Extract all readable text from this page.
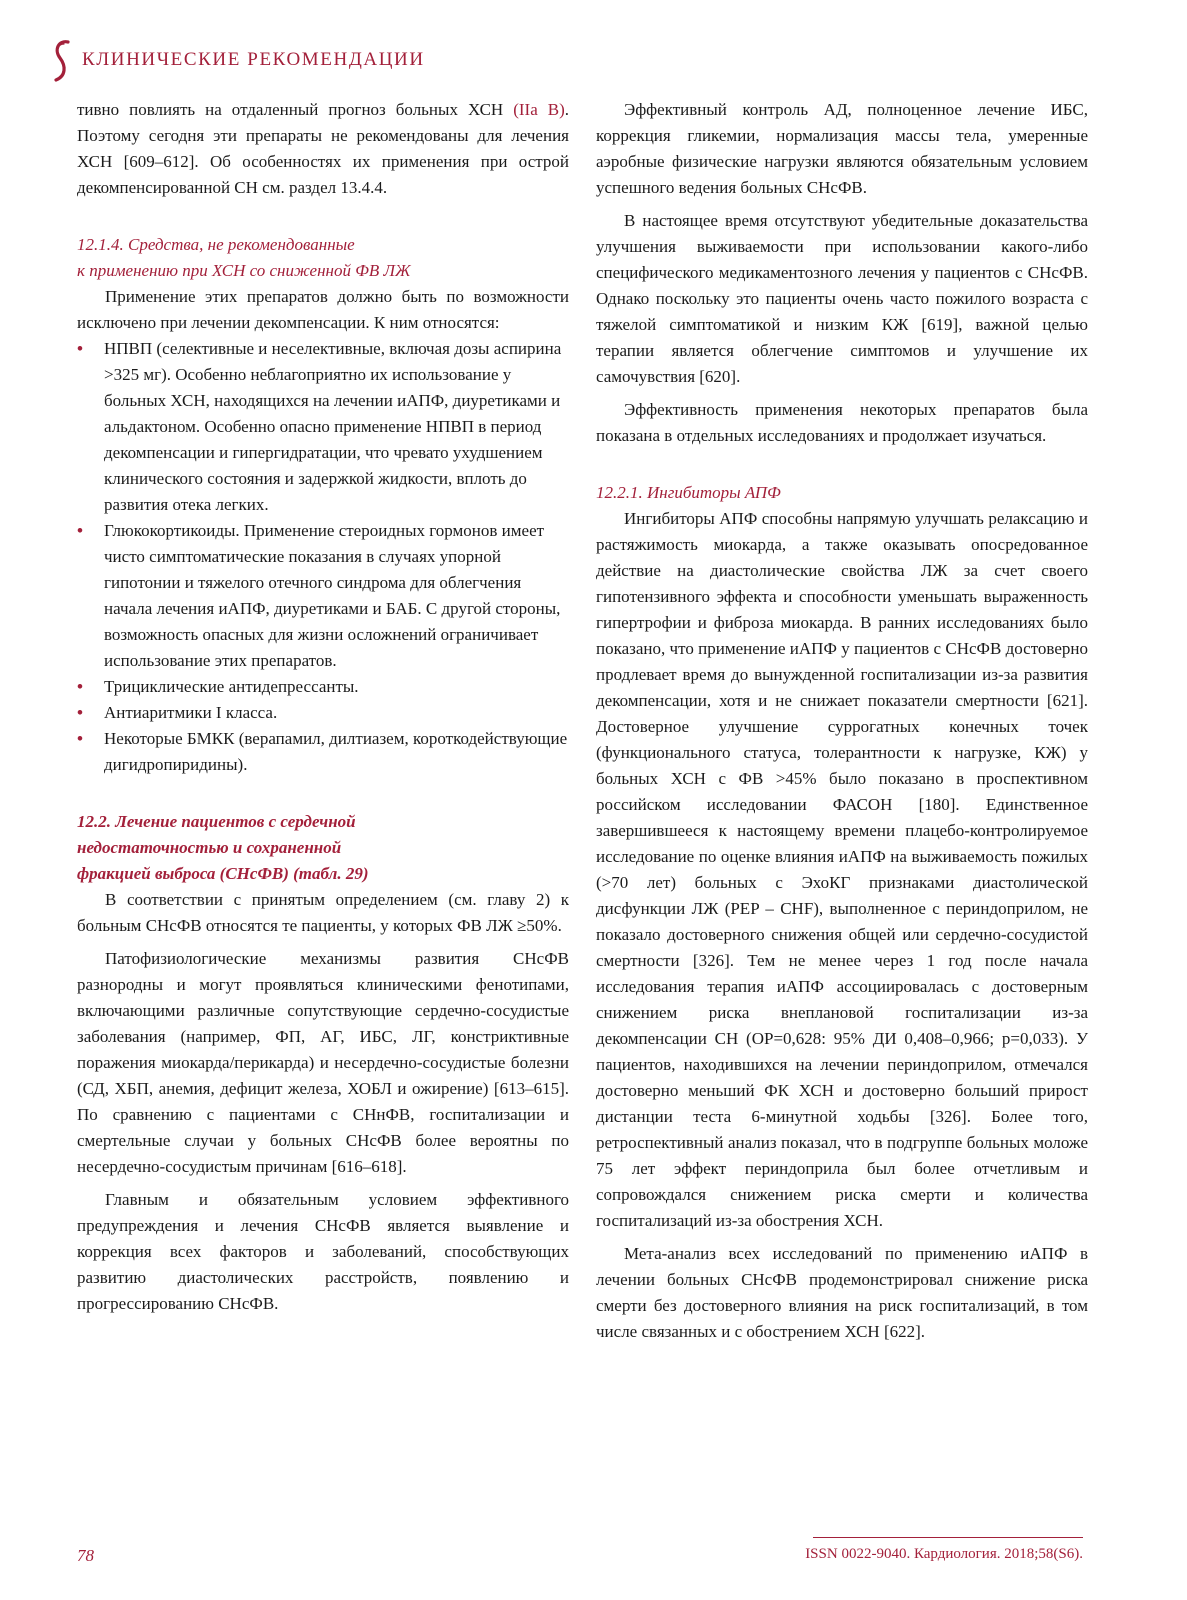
КЛИНИЧЕСКИЕ РЕКОМЕНДАЦИИ

тивно повлиять на отдаленный прогноз больных ХСН (IIa B). Поэтому сегодня эти препараты не рекомендованы для лечения ХСН [609–612]. Об особенностях их применения при острой декомпенсированной СН см. раздел 13.4.4.

12.1.4. Средства, не рекомендованные
к применению при ХСН со сниженной ФВ ЛЖ

Применение этих препаратов должно быть по возможности исключено при лечении декомпенсации. К ним относятся:

• НПВП (селективные и неселективные, включая дозы аспирина >325 мг). Особенно неблагоприятно их использование у больных ХСН, находящихся на лечении иАПФ, диуретиками и альдактоном. Особенно опасно применение НПВП в период декомпенсации и гипергидратации, что чревато ухудшением клинического состояния и задержкой жидкости, вплоть до развития отека легких.
• Глюкокортикоиды. Применение стероидных гормонов имеет чисто симптоматические показания в случаях упорной гипотонии и тяжелого отечного синдрома для облегчения начала лечения иАПФ, диуретиками и БАБ. С другой стороны, возможность опасных для жизни осложнений ограничивает использование этих препаратов.
• Трициклические антидепрессанты.
• Антиаритмики I класса.
• Некоторые БМКК (верапамил, дилтиазем, короткодействующие дигидропиридины).
12.2. Лечение пациентов с сердечной
недостаточностью и сохраненной
фракцией выброса (СНсФВ) (табл. 29)

В соответствии с принятым определением (см. главу 2) к больным СНсФВ относятся те пациенты, у которых ФВ ЛЖ ≥50%.

Патофизиологические механизмы развития СНсФВ разнородны и могут проявляться клиническими фенотипами, включающими различные сопутствующие сердечно-сосудистые заболевания (например, ФП, АГ, ИБС, ЛГ, констриктивные поражения миокарда/перикарда) и несердечно-сосудистые болезни (СД, ХБП, анемия, дефицит железа, ХОБЛ и ожирение) [613–615]. По сравнению с пациентами с СНнФВ, госпитализации и смертельные случаи у больных СНсФВ более вероятны по несердечно-сосудистым причинам [616–618].

Главным и обязательным условием эффективного предупреждения и лечения СНсФВ является выявление и коррекция всех факторов и заболеваний, способствующих развитию диастолических расстройств, появлению и прогрессированию СНсФВ.

Эффективный контроль АД, полноценное лечение ИБС, коррекция гликемии, нормализация массы тела, умеренные аэробные физические нагрузки являются обязательным условием успешного ведения больных СНсФВ.

В настоящее время отсутствуют убедительные доказательства улучшения выживаемости при использовании какого-либо специфического медикаментозного лечения у пациентов с СНсФВ. Однако поскольку это пациенты очень часто пожилого возраста с тяжелой симптоматикой и низким КЖ [619], важной целью терапии является облегчение симптомов и улучшение их самочувствия [620].

Эффективность применения некоторых препаратов была показана в отдельных исследованиях и продолжает изучаться.

12.2.1. Ингибиторы АПФ

Ингибиторы АПФ способны напрямую улучшать релаксацию и растяжимость миокарда, а также оказывать опосредованное действие на диастолические свойства ЛЖ за счет своего гипотензивного эффекта и способности уменьшать выраженность гипертрофии и фиброза миокарда. В ранних исследованиях было показано, что применение иАПФ у пациентов с СНсФВ достоверно продлевает время до вынужденной госпитализации из-за развития декомпенсации, хотя и не снижает показатели смертности [621]. Достоверное улучшение суррогатных конечных точек (функционального статуса, толерантности к нагрузке, КЖ) у больных ХСН с ФВ >45% было показано в проспективном российском исследовании ФАСОН [180]. Единственное завершившееся к настоящему времени плацебо-контролируемое исследование по оценке влияния иАПФ на выживаемость пожилых (>70 лет) больных с ЭхоКГ признаками диастолической дисфункции ЛЖ (PEP – CHF), выполненное с периндоприлом, не показало достоверного снижения общей или сердечно-сосудистой смертности [326]. Тем не менее через 1 год после начала исследования терапия иАПФ ассоциировалась с достоверным снижением риска внеплановой госпитализации из-за декомпенсации СН (ОР=0,628: 95% ДИ 0,408–0,966; p=0,033). У пациентов, находившихся на лечении периндоприлом, отмечался достоверно меньший ФК ХСН и достоверно больший прирост дистанции теста 6-минутной ходьбы [326]. Более того, ретроспективный анализ показал, что в подгруппе больных моложе 75 лет эффект периндоприла был более отчетливым и сопровождался снижением риска смерти и количества госпитализаций из-за обострения ХСН.

Мета-анализ всех исследований по применению иАПФ в лечении больных СНсФВ продемонстрировал снижение риска смерти без достоверного влияния на риск госпитализаций, в том числе связанных и с обострением ХСН [622].

78	ISSN 0022-9040. Кардиология. 2018;58(S6).
